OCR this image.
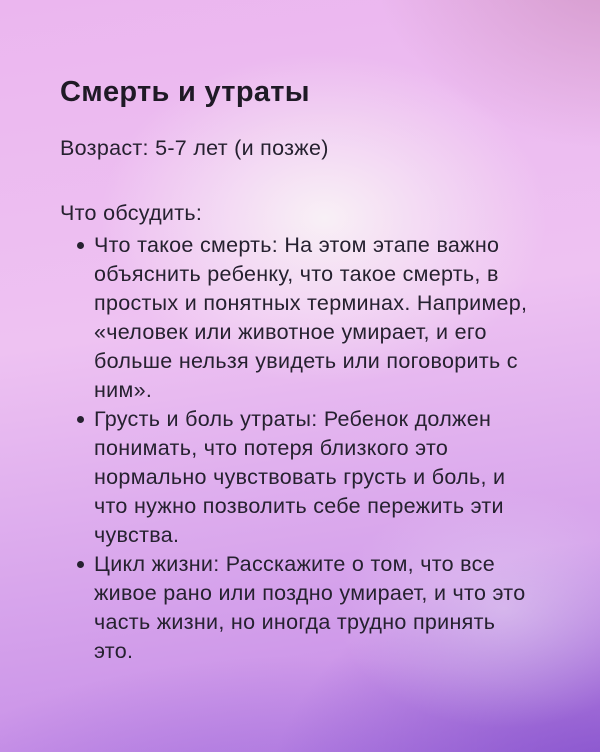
Смерть и утраты

Возраст: 5-7 лет (и позже)

Что обсудить:

Что такое смерть: На этом этапе важно объяснить ребенку, что такое смерть, в простых и понятных терминах. Например, «человек или животное умирает, и его больше нельзя увидеть или поговорить с ним».
Грусть и боль утраты: Ребенок должен понимать, что потеря близкого это нормально чувствовать грусть и боль, и что нужно позволить себе пережить эти чувства.
Цикл жизни: Расскажите о том, что все живое рано или поздно умирает, и что это часть жизни, но иногда трудно принять это.
